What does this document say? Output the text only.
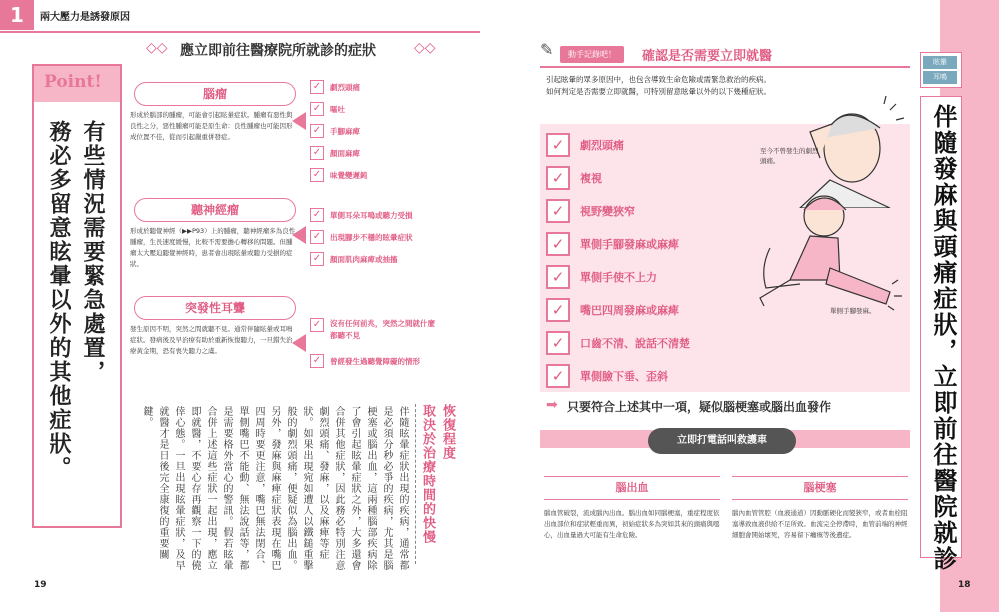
1	兩大壓力是誘發原因
Point!
有些情況需要緊急處置，
務必多留意眩暈以外的其他症狀。
◇◇ 應立即前往醫療院所就診的症狀	◇◇
腦瘤
形成於腦部的腫瘤，可能會引起眩暈症狀。腫瘤有惡性與良性之分，惡性腫瘤可能是原生命：良性腫瘤也可能因形成位置不佳，從而引起嚴重併發症。
✓	劇烈頭痛
✓	嘔吐
✓	手腳麻痺
✓	顏面麻痺
✓	味覺變遲鈍
聽神經瘤
形成於聽覺神經（▶▶P93）上的腫瘤，聽神經瘤多為良性腫瘤，生長速度緩慢，比較不需要擔心轉移的問題。但腫瘤太大壓迫聽覺神經時，患者會出現眩暈或聽力受損的症狀。
✓	單側耳朵耳鳴或聽力受損
✓	出現腳步不穩的眩暈症狀
✓	顏面肌肉麻痺或抽搐
突發性耳聾
發生原因不明，突然之間就聽不見。通常伴隨眩暈或耳鳴症狀。發病後及早治療有助於重新恢復聽力，一旦錯失治療黃金期，恐有喪失聽力之虞。
✓	沒有任何前兆，突然之間就什麼都聽不見
✓	曾經發生過聽覺障礙的情形
恢復程度
取決於治療時間的快慢
伴隨眩暈症狀出現的疾病，通常都是必須分秒必爭的疾病，尤其是腦梗塞或腦出血，這兩種腦部疾病除了會引起眩暈症狀之外，大多還會合併其他症狀，因此務必特別注意劇烈頭痛、發麻，以及麻痺等症狀。如果出現宛如遭人以鐵鎚重擊般的劇烈頭痛，便疑似為腦出血。另外，發麻與麻痺症狀表現在嘴巴四周時要更注意，嘴巴無法閉合、單側嘴巴不能動、無法說話等，都是需要格外當心的警訊。假若眩暈合併上述這些症狀一起出現，應立即就醫，不要心存再觀察一下的僥倖心態。一旦出現眩暈症狀，及早就醫才是日後完全康復的重要關鍵。
19
✎	動手記錄吧！	確認是否需要立即就醫
引起眩暈的眾多原因中，也包含導致生命危險或需緊急救治的疾病。
如何判定是否需要立即就醫，可特別留意眩暈以外的以下幾種症狀。
✓	劇烈頭痛
✓	複視
✓	視野變狹窄
✓	單側手腳發麻或麻痺
✓	單側手使不上力
✓	嘴巴四周發麻或麻痺
✓	口齒不清、說話不清楚
✓	單側臉下垂、歪斜
至今不曾發生的劇烈頭痛。
單側手腳發麻。
➡ 只要符合上述其中一項，疑似腦梗塞或腦出血發作
立即打電話叫救護車
腦出血
腦血管破裂，流成腦內出血。腦出血如同腦梗塞，重症程度依出血部位和症狀輕重而異，初始症狀多為突如其來的頭痛與噁心，出血量過大可能有生命危險。
腦梗塞
腦內血管管腔（血液通道）因動脈硬化而變狹窄，或者血栓阻塞導致血液供給不足所致。血流完全停滯時，血管前端的神經細胞會開始壞死，容易留下癱瘓等後遺症。
眩暈
耳鳴
伴隨發麻與頭痛症狀，立即前往醫院就診
18
